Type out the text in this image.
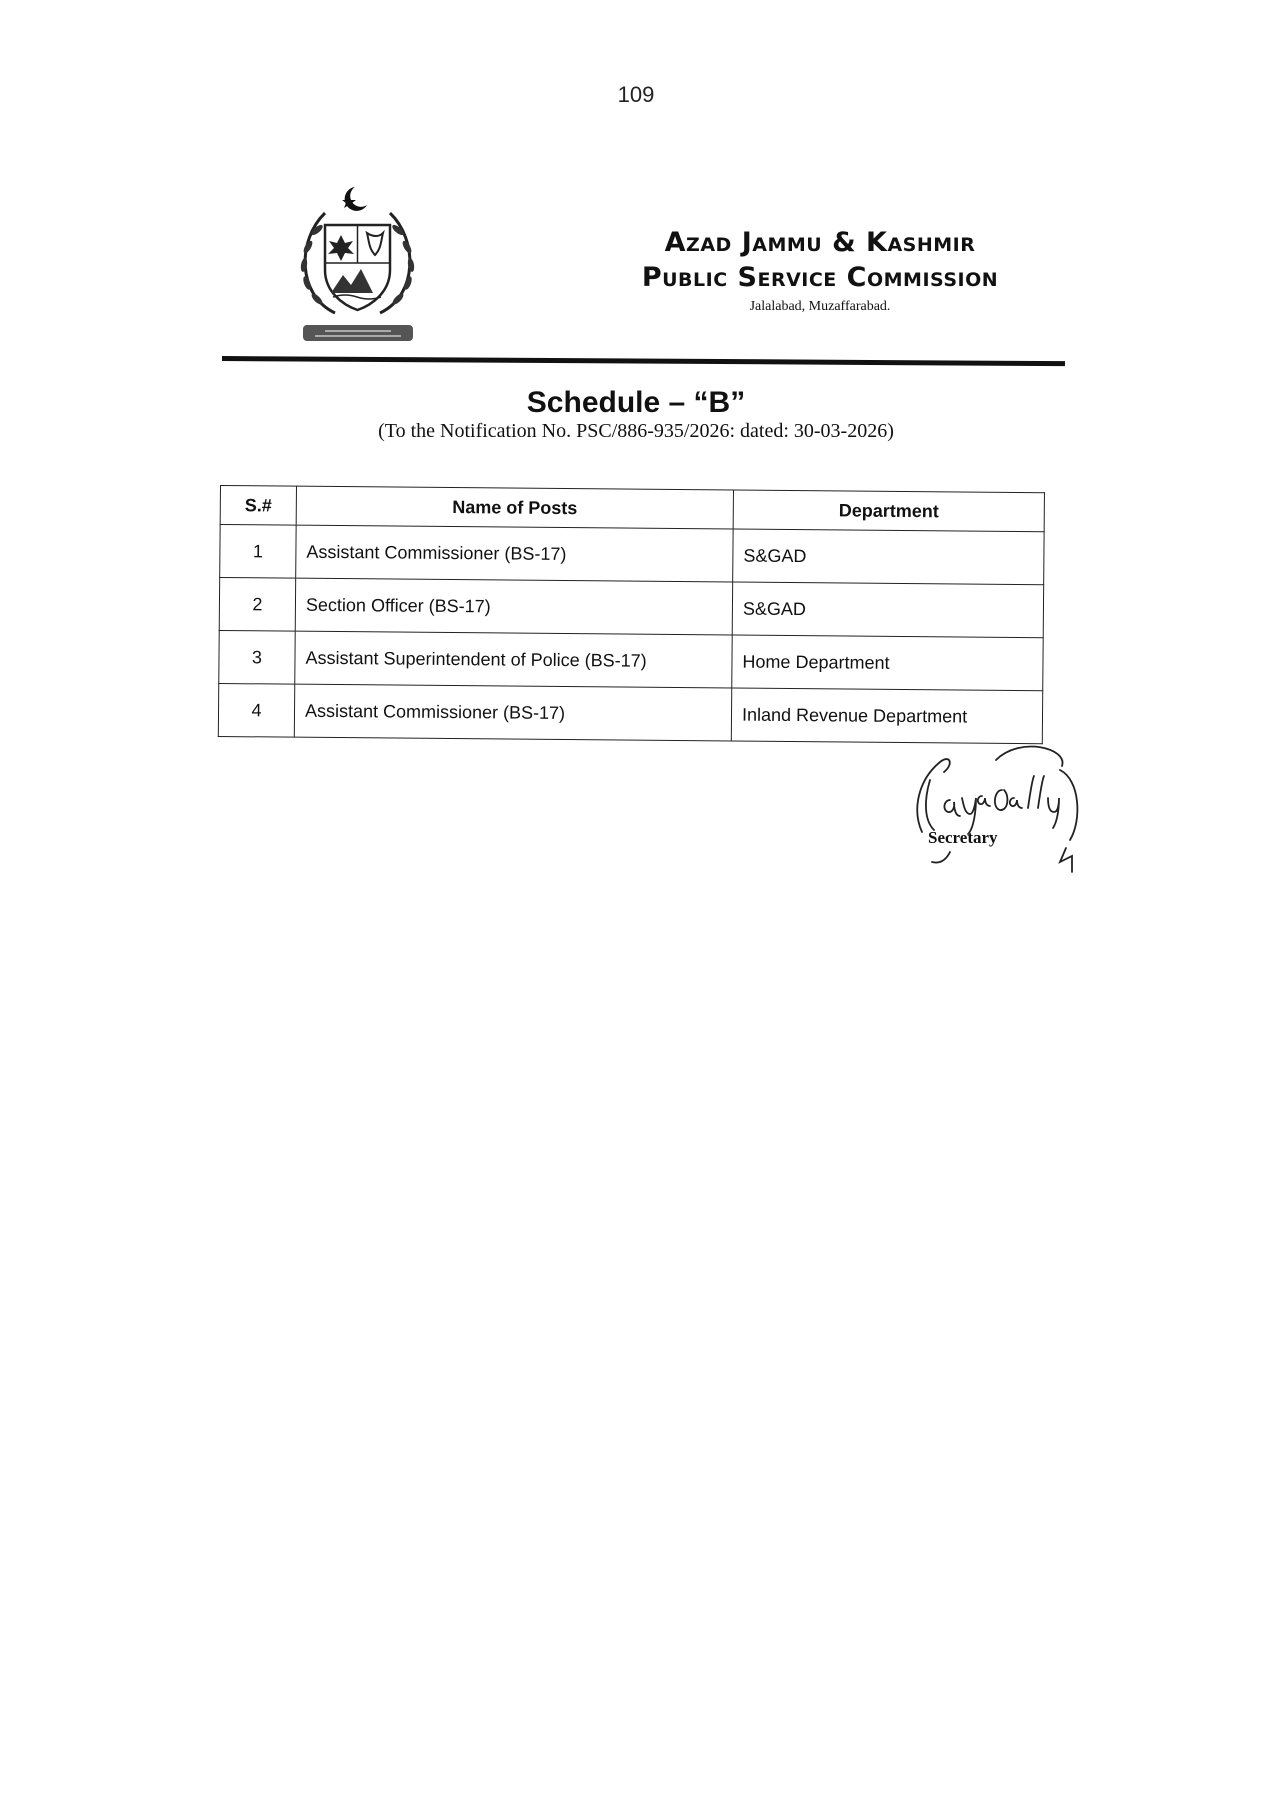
109
Azad Jammu & Kashmir
Public Service Commission
Jalalabad, Muzaffarabad.
Schedule – “B”
(To the Notification No. PSC/886-935/2026: dated: 30-03-2026)
S.#	Name of Posts	Department
1	Assistant Commissioner (BS-17)	S&GAD
2	Section Officer (BS-17)	S&GAD
3	Assistant Superintendent of Police (BS-17)	Home Department
4	Assistant Commissioner (BS-17)	Inland Revenue Department
Secretary
